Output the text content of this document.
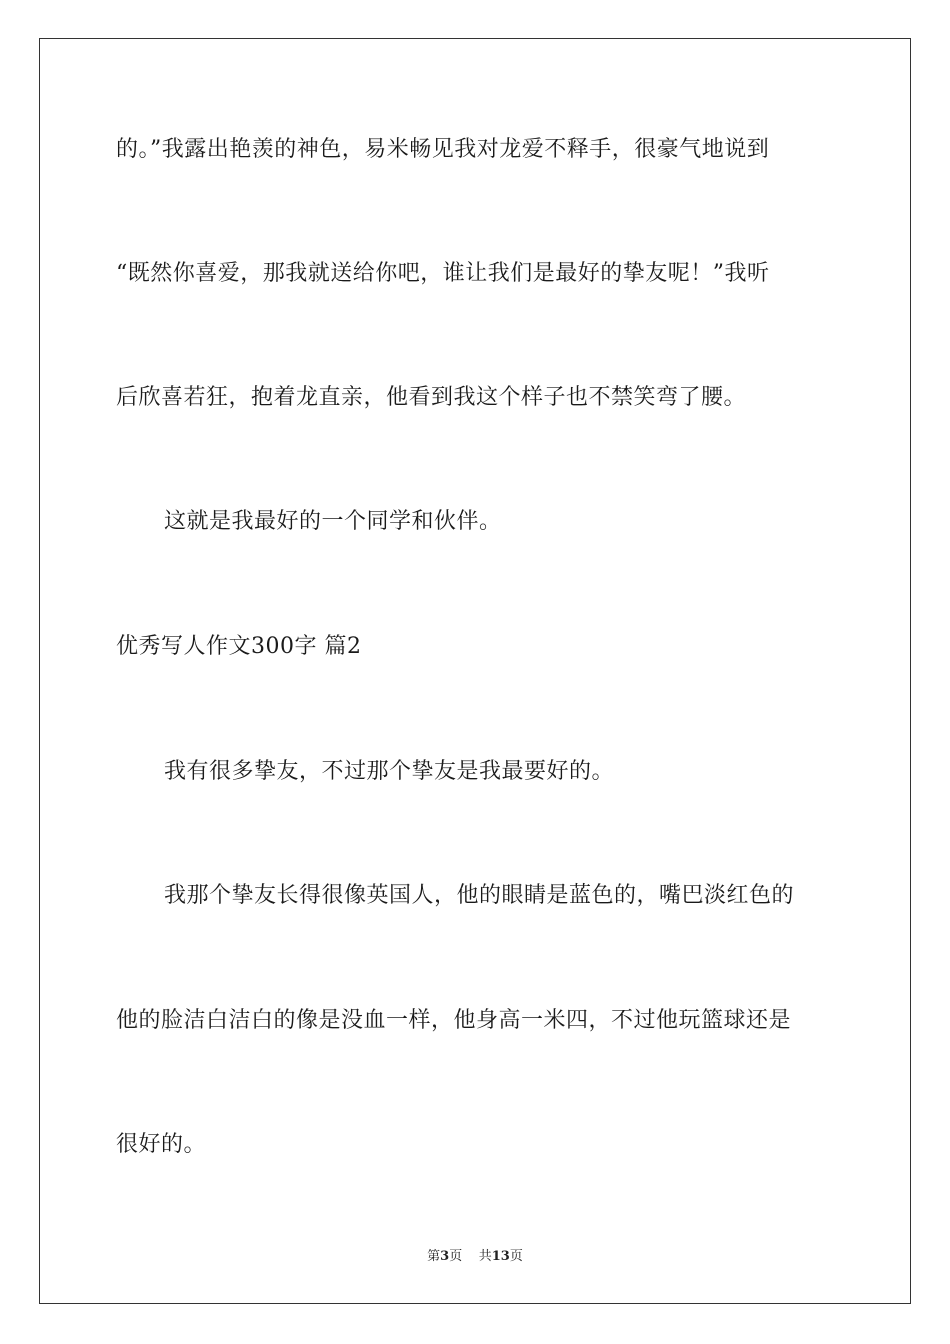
的。”我露出艳羡的神色，易米畅见我对龙爱不释手，很豪气地说到
“既然你喜爱，那我就送给你吧，谁让我们是最好的挚友呢！”我听
后欣喜若狂，抱着龙直亲，他看到我这个样子也不禁笑弯了腰。
这就是我最好的一个同学和伙伴。
优秀写人作文300字 篇2
我有很多挚友，不过那个挚友是我最要好的。
我那个挚友长得很像英国人，他的眼睛是蓝色的，嘴巴淡红色的
他的脸洁白洁白的像是没血一样，他身高一米四，不过他玩篮球还是
很好的。
第3页 共13页
